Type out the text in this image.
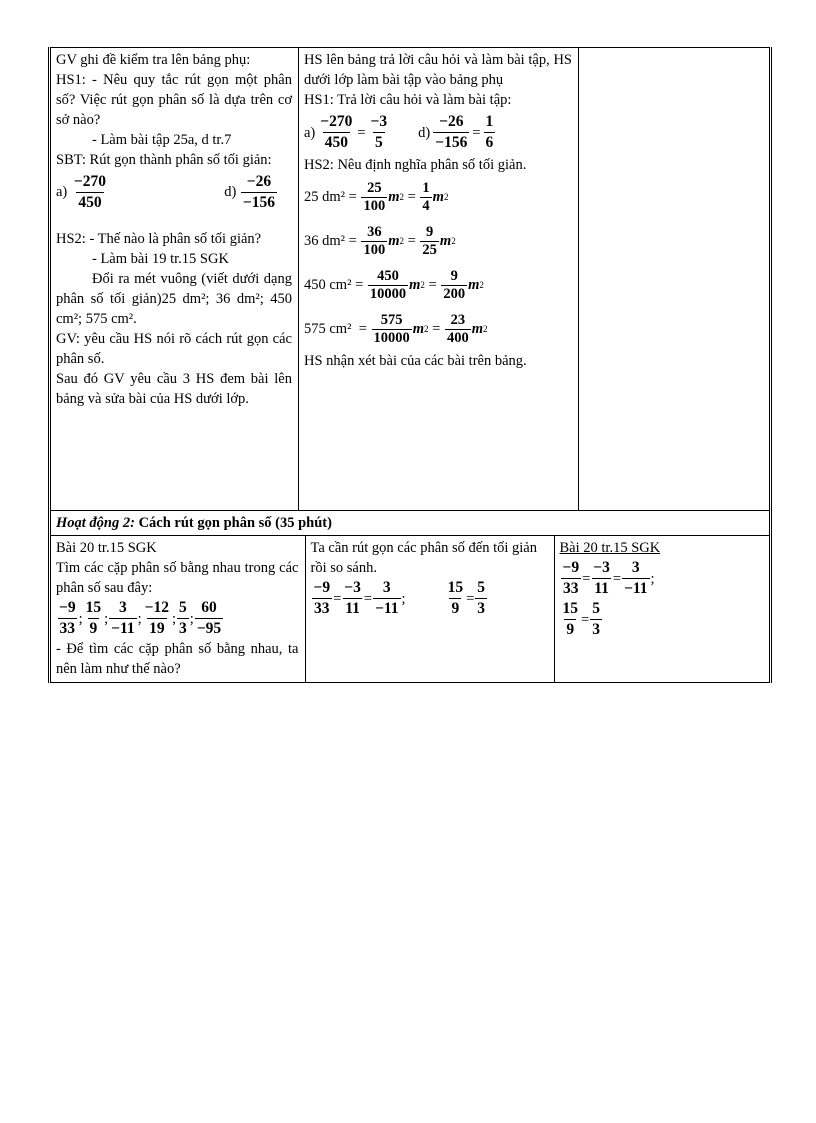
GV ghi đề kiểm tra lên bảng phụ:
HS1: - Nêu quy tắc rút gọn một phân số? Việc rút gọn phân số là dựa trên cơ sở nào?
- Làm bài tập 25a, d tr.7
SBT: Rút gọn thành phân số tối giản:
$a) \frac{-270}{450}$	$d) \frac{-26}{-156}$
HS2: - Thế nào là phân số tối giản?
- Làm bài 19 tr.15 SGK
Đổi ra mét vuông (viết dưới dạng phân số tối giản)25 dm²; 36 dm²; 450 cm²; 575 cm².
GV: yêu cầu HS nói rõ cách rút gọn các phân số.
Sau đó GV yêu cầu 3 HS đem bài lên bảng và sửa bài của HS dưới lớp.

HS lên bảng trả lời câu hỏi và làm bài tập, HS dưới lớp làm bài tập vào bảng phụ
HS1: Trả lời câu hỏi và làm bài tập:
$a) \frac{-270}{450} = \frac{-3}{5} d) \frac{-26}{-156} = \frac{1}{6}$
HS2: Nêu định nghĩa phân số tối giản.
25 dm² =
$\frac{25}{100}$ m $2 = \frac{1}{4}$ m 2
36 dm² =
$\frac{36}{100}$ m $2 = \frac{9}{25}$ m 2
450 $cm^2 = \frac{450}{10000}$ m $2 = \frac{9}{200}$ m 2
575 $cm^2 = \frac{575}{10000}$ m $2 = \frac{23}{400}$ m 2
HS nhận xét bài của các bài trên bảng.

Hoạt động 2: Cách rút gọn phân số (35 phút)

Bài 20 tr.15 SGK
Tìm các cặp phân số bằng nhau trong các phân số sau đây:
$\frac{-9}{33}$ ; $\frac{15}{9}$ ; $\frac{3}{-11}$ ; $\frac{-12}{19}$ ; $\frac{5}{3}$ ; $\frac{60}{-95}$
- Để tìm các cặp phân số bằng nhau, ta nên làm như thế nào?

Ta cần rút gọn các phân số đến tối giản rồi so sánh.
$\frac{-9}{33} = \frac{-3}{11} = \frac{3}{-11}$ ;	$\frac{15}{9} = \frac{5}{3}$

Bài 20 tr.15 SGK
$\frac{-9}{33} = \frac{-3}{11} = \frac{3}{-11}$ ;
$\frac{15}{9} = \frac{5}{3}$
